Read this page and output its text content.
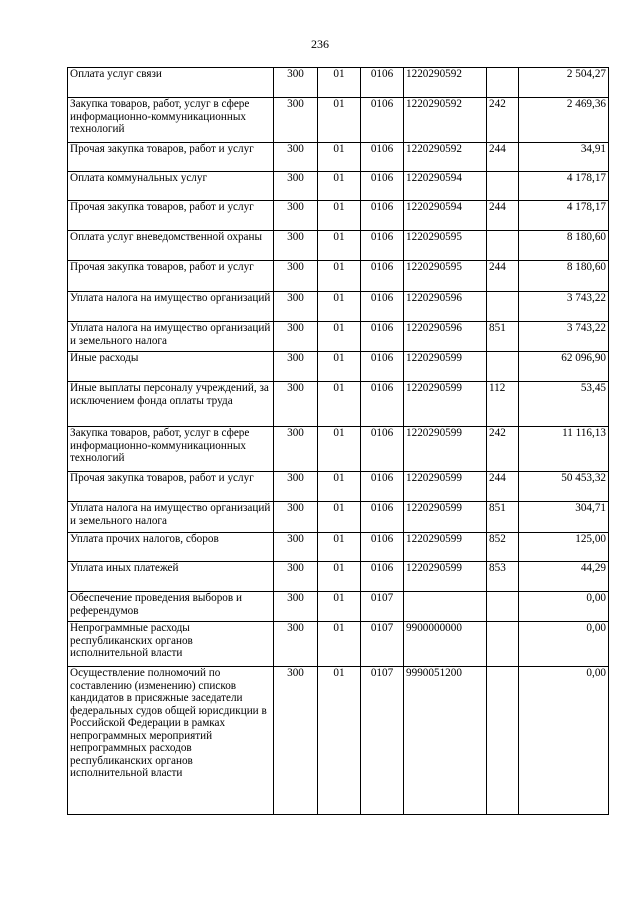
236
Оплата услуг связи	300	01	0106	1220290592		2 504,27
Закупка товаров, работ, услуг в сфере информационно-коммуникационных технологий	300	01	0106	1220290592	242	2 469,36
Прочая закупка товаров, работ и услуг	300	01	0106	1220290592	244	34,91
Оплата коммунальных услуг	300	01	0106	1220290594		4 178,17
Прочая закупка товаров, работ и услуг	300	01	0106	1220290594	244	4 178,17
Оплата услуг вневедомственной охраны	300	01	0106	1220290595		8 180,60
Прочая закупка товаров, работ и услуг	300	01	0106	1220290595	244	8 180,60
Уплата налога на имущество организаций	300	01	0106	1220290596		3 743,22
Уплата налога на имущество организаций и земельного налога	300	01	0106	1220290596	851	3 743,22
Иные расходы	300	01	0106	1220290599		62 096,90
Иные выплаты персоналу учреждений, за исключением фонда оплаты труда	300	01	0106	1220290599	112	53,45
Закупка товаров, работ, услуг в сфере информационно-коммуникационных технологий	300	01	0106	1220290599	242	11 116,13
Прочая закупка товаров, работ и услуг	300	01	0106	1220290599	244	50 453,32
Уплата налога на имущество организаций и земельного налога	300	01	0106	1220290599	851	304,71
Уплата прочих налогов, сборов	300	01	0106	1220290599	852	125,00
Уплата иных платежей	300	01	0106	1220290599	853	44,29
Обеспечение проведения выборов и референдумов	300	01	0107			0,00
Непрограммные расходы республиканских органов исполнительной власти	300	01	0107	9900000000		0,00
Осуществление полномочий по составлению (изменению) списков кандидатов в присяжные заседатели федеральных судов общей юрисдикции в Российской Федерации в рамках непрограммных мероприятий непрограммных расходов республиканских органов исполнительной власти	300	01	0107	9990051200		0,00
